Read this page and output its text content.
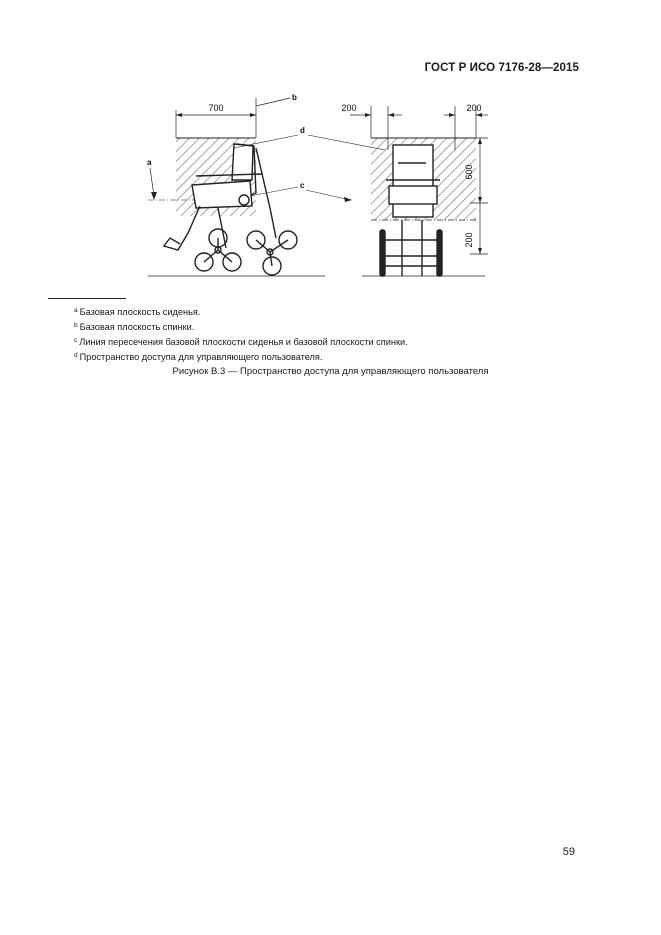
ГОСТ Р ИСО 7176-28—2015
700
b
a
c
d
200	200
600
200
$^a$ Базовая плоскость сиденья.
$^b$ Базовая плоскость спинки.
$^c$ Линия пересечения базовой плоскости сиденья и базовой плоскости спинки.
$^d$ Пространство доступа для управляющего пользователя.
Рисунок В.3 — Пространство доступа для управляющего пользователя
59
